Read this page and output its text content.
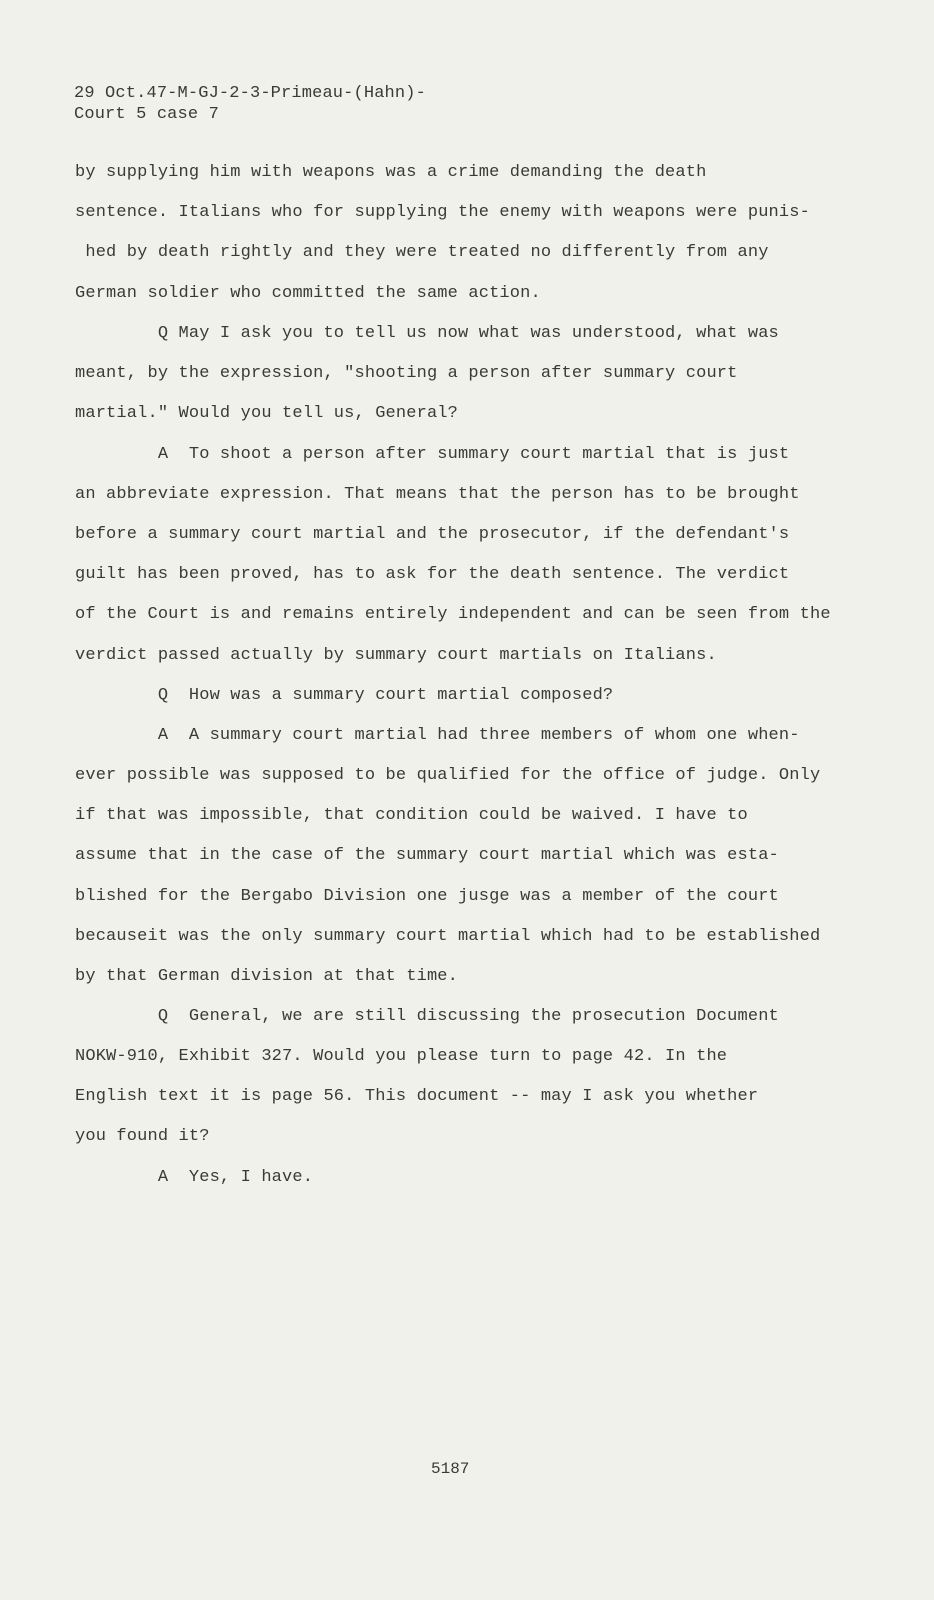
29 Oct.47-M-GJ-2-3-Primeau-(Hahn)-
Court 5 case 7
by supplying him with weapons was a crime demanding the death
sentence. Italians who for supplying the enemy with weapons were punis-
hed by death rightly and they were treated no differently from any
German soldier who committed the same action.
Q May I ask you to tell us now what was understood, what was
meant, by the expression, "shooting a person after summary court
martial." Would you tell us, General?
A  To shoot a person after summary court martial that is just
an abbreviate expression. That means that the person has to be brought
before a summary court martial and the prosecutor, if the defendant's
guilt has been proved, has to ask for the death sentence. The verdict
of the Court is and remains entirely independent and can be seen from the
verdict passed actually by summary court martials on Italians.
Q  How was a summary court martial composed?
A  A summary court martial had three members of whom one when-
ever possible was supposed to be qualified for the office of judge. Only
if that was impossible, that condition could be waived. I have to
assume that in the case of the summary court martial which was esta-
blished for the Bergabo Division one jusge was a member of the court
becauseit was the only summary court martial which had to be established
by that German division at that time.
Q  General, we are still discussing the prosecution Document
NOKW-910, Exhibit 327. Would you please turn to page 42. In the
English text it is page 56. This document -- may I ask you whether
you found it?
A  Yes, I have.
5187
